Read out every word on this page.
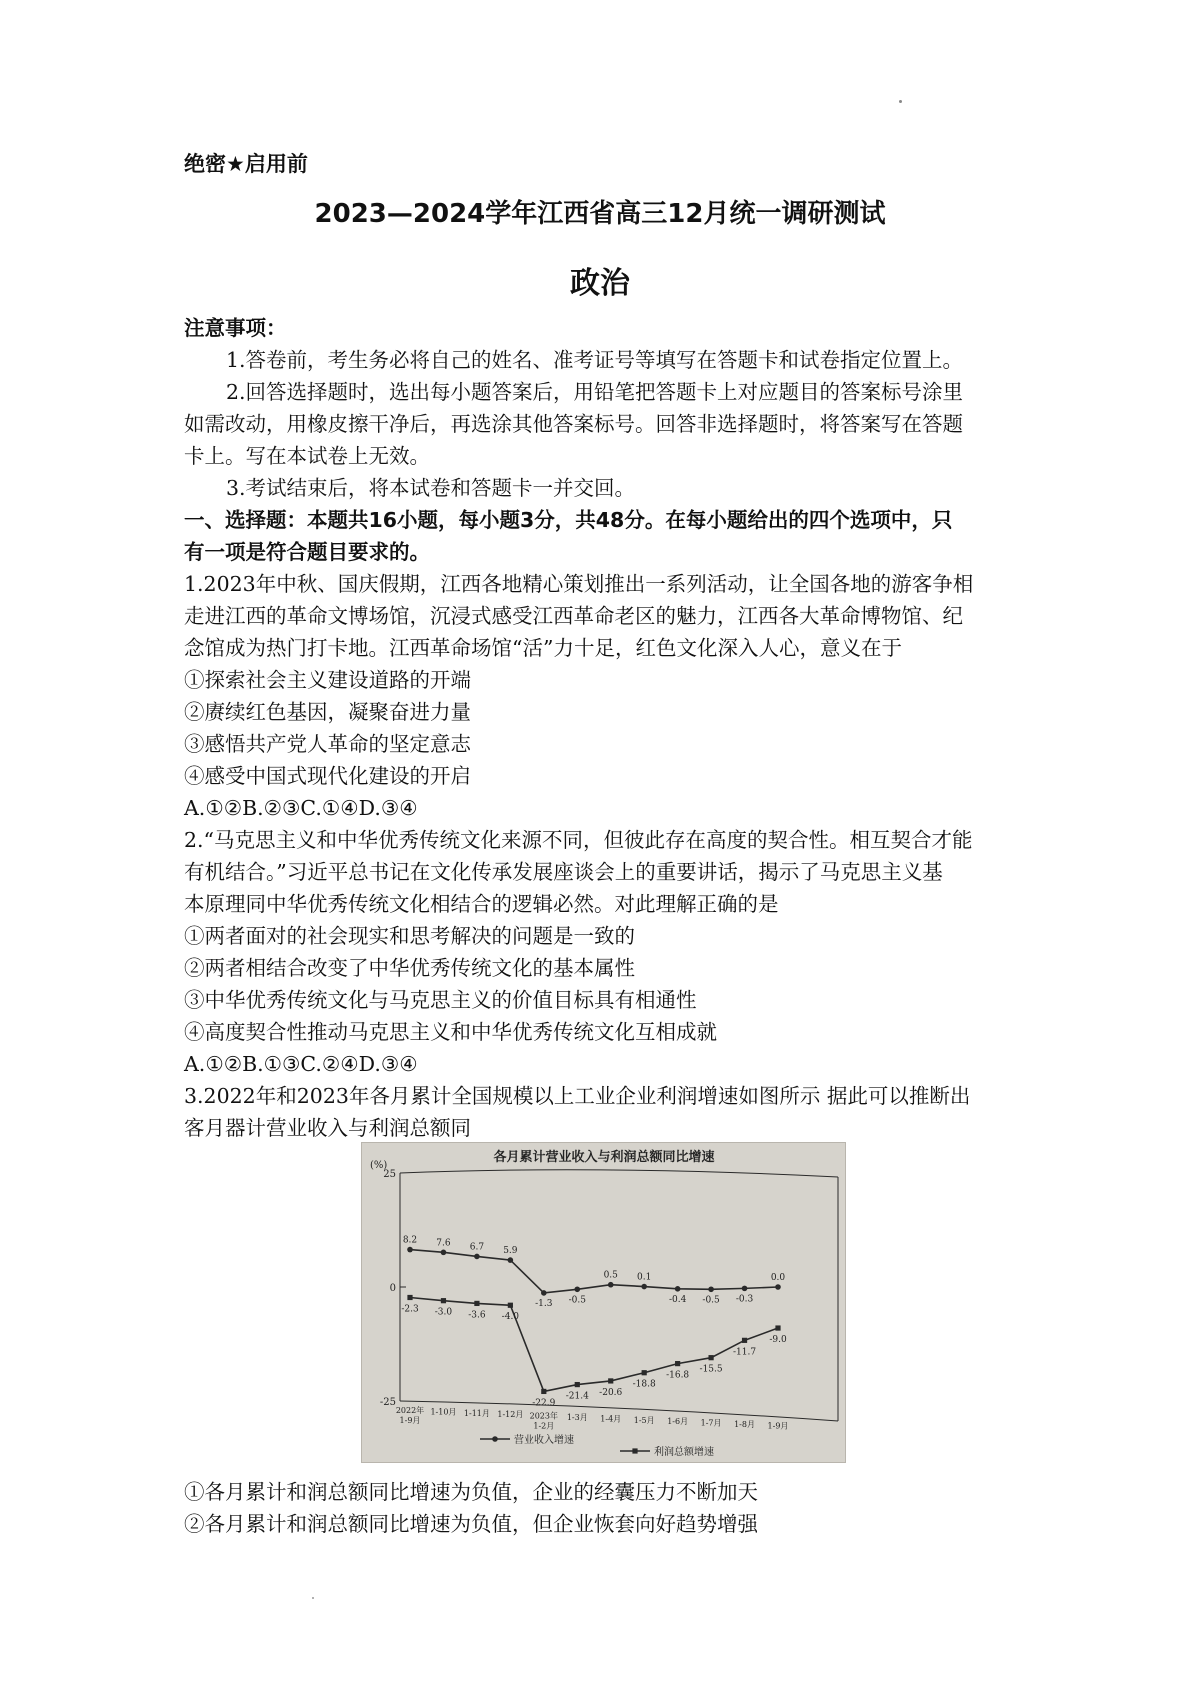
绝密★启用前
2023—2024学年江西省高三12月统一调研测试
政治
注意事项：
1.答卷前，考生务必将自己的姓名、准考证号等填写在答题卡和试卷指定位置上。
2.回答选择题时，选出每小题答案后，用铅笔把答题卡上对应题目的答案标号涂里
如需改动，用橡皮擦干净后，再选涂其他答案标号。回答非选择题时，将答案写在答题
卡上。写在本试卷上无效。
3.考试结束后，将本试卷和答题卡一并交回。
一、选择题：本题共16小题，每小题3分，共48分。在每小题给出的四个选项中，只
有一项是符合题目要求的。
1.2023年中秋、国庆假期，江西各地精心策划推出一系列活动，让全国各地的游客争相
走进江西的革命文博场馆，沉浸式感受江西革命老区的魅力，江西各大革命博物馆、纪
念馆成为热门打卡地。江西革命场馆“活”力十足，红色文化深入人心，意义在于
①探索社会主义建设道路的开端
②赓续红色基因，凝聚奋进力量
③感悟共产党人革命的坚定意志
④感受中国式现代化建设的开启
A.①②B.②③C.①④D.③④
2.“马克思主义和中华优秀传统文化来源不同，但彼此存在高度的契合性。相互契合才能
有机结合。”习近平总书记在文化传承发展座谈会上的重要讲话，揭示了马克思主义基
本原理同中华优秀传统文化相结合的逻辑必然。对此理解正确的是
①两者面对的社会现实和思考解决的问题是一致的
②两者相结合改变了中华优秀传统文化的基本属性
③中华优秀传统文化与马克思主义的价值目标具有相通性
④高度契合性推动马克思主义和中华优秀传统文化互相成就
A.①②B.①③C.②④D.③④
3.2022年和2023年各月累计全国规模以上工业企业利润增速如图所示 据此可以推断出
客月器计营业收入与利润总额同
各月累计营业收入与利润总额同比增速
(%)
25
0
-25
8.2 7.6 6.7 5.9
-1.3 -0.5
0.5 0.1
-0.4 -0.5 -0.3
0.0
-2.3 -3.0 -3.6 -4.0
-22.9
-21.4 -20.6
-18.8
-16.8
-15.5
-11.7
-9.0
2022年
1-9月
1-10月 1-11月 1-12月 2023年
1-2月
1-3月 1-4月 1-5月 1-6月 1-7月 1-8月 1-9月
营业收入增速
利润总额增速
①各月累计和润总额同比增速为负值，企业的经囊压力不断加天
②各月累计和润总额同比增速为负值，但企业恢套向好趋势增强
